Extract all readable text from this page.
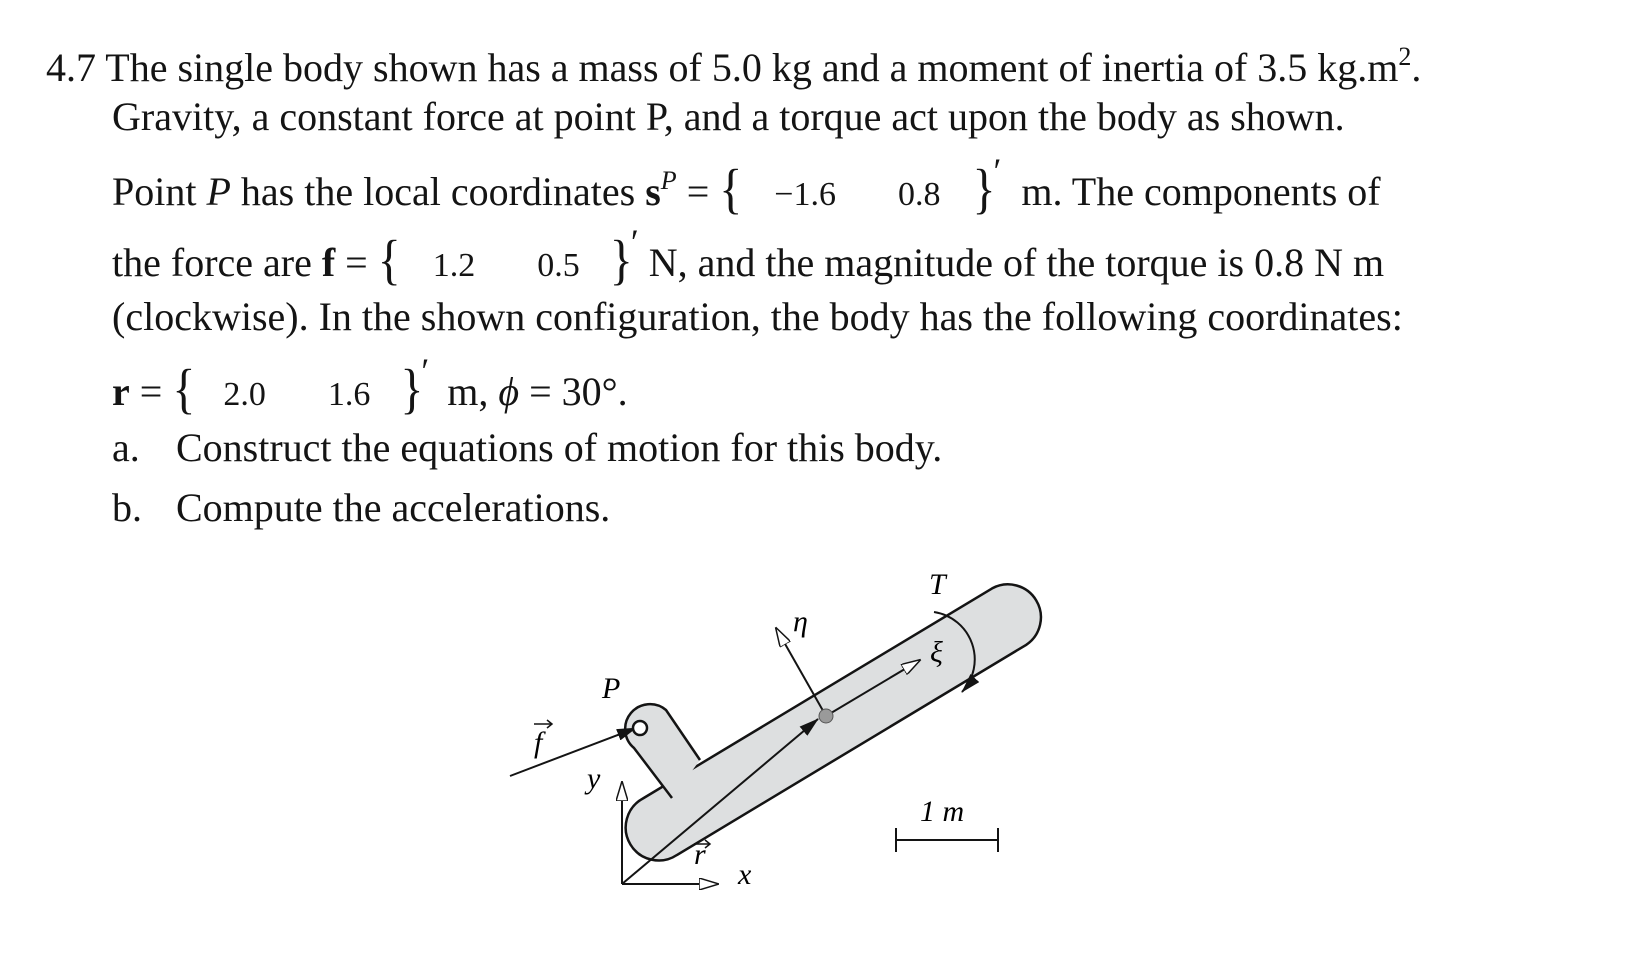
4.7 The single body shown has a mass of 5.0 kg and a moment of inertia of 3.5 $kg.m^2$.
Gravity, a constant force at point P, and a torque act upon the body as shown.
Point P has the local coordinates $s^P$ = { −1.6 0.8 }′ m. The components of
the force are f = { 1.2 0.5 }′ N, and the magnitude of the torque is 0.8 N m
(clockwise). In the shown configuration, the body has the following coordinates:
r = { 2.0 1.6 }′ m, ϕ = 30°.
a. Construct the equations of motion for this body.
b. Compute the accelerations.
T
η
ξ
P
f
y
r
x
1 m
